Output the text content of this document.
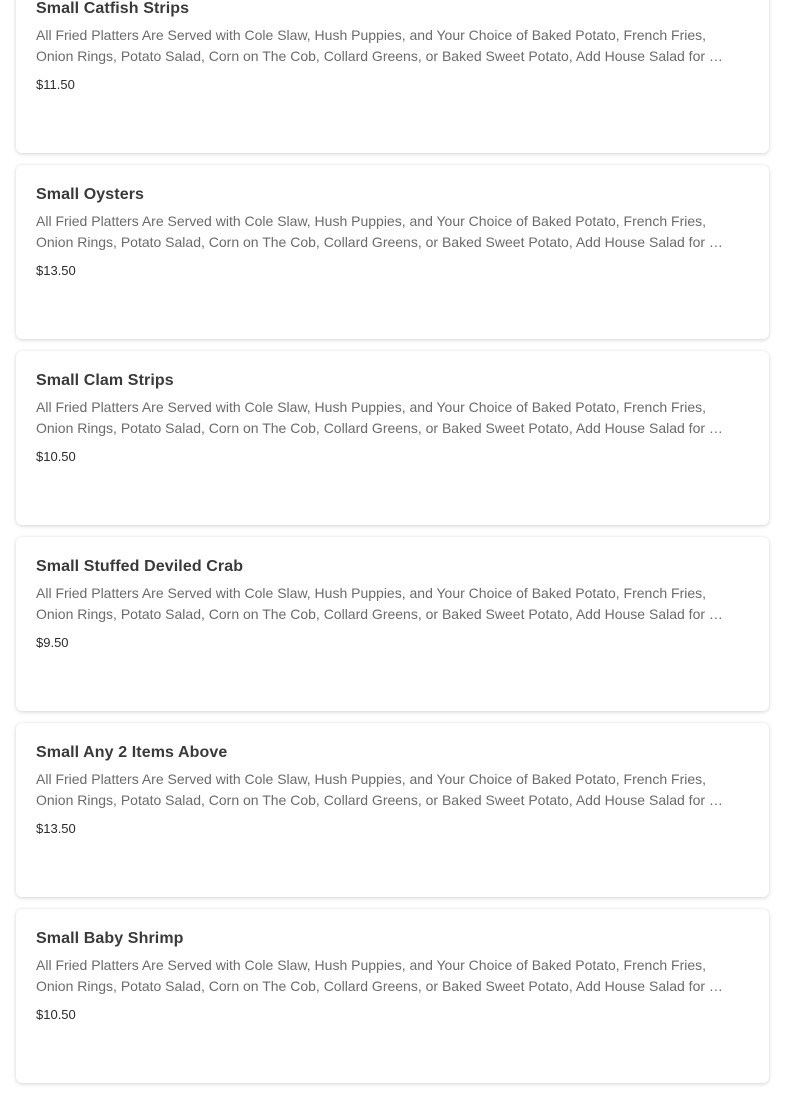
Small Catfish Strips

All Fried Platters Are Served with Cole Slaw, Hush Puppies, and Your Choice of Baked Potato, French Fries, Onion Rings, Potato Salad, Corn on The Cob, Collard Greens, or Baked Sweet Potato, Add House Salad for …

$11.50
Small Oysters

All Fried Platters Are Served with Cole Slaw, Hush Puppies, and Your Choice of Baked Potato, French Fries, Onion Rings, Potato Salad, Corn on The Cob, Collard Greens, or Baked Sweet Potato, Add House Salad for …

$13.50
Small Clam Strips

All Fried Platters Are Served with Cole Slaw, Hush Puppies, and Your Choice of Baked Potato, French Fries, Onion Rings, Potato Salad, Corn on The Cob, Collard Greens, or Baked Sweet Potato, Add House Salad for …

$10.50
Small Stuffed Deviled Crab

All Fried Platters Are Served with Cole Slaw, Hush Puppies, and Your Choice of Baked Potato, French Fries, Onion Rings, Potato Salad, Corn on The Cob, Collard Greens, or Baked Sweet Potato, Add House Salad for …

$9.50
Small Any 2 Items Above

All Fried Platters Are Served with Cole Slaw, Hush Puppies, and Your Choice of Baked Potato, French Fries, Onion Rings, Potato Salad, Corn on The Cob, Collard Greens, or Baked Sweet Potato, Add House Salad for …

$13.50
Small Baby Shrimp

All Fried Platters Are Served with Cole Slaw, Hush Puppies, and Your Choice of Baked Potato, French Fries, Onion Rings, Potato Salad, Corn on The Cob, Collard Greens, or Baked Sweet Potato, Add House Salad for …

$10.50
